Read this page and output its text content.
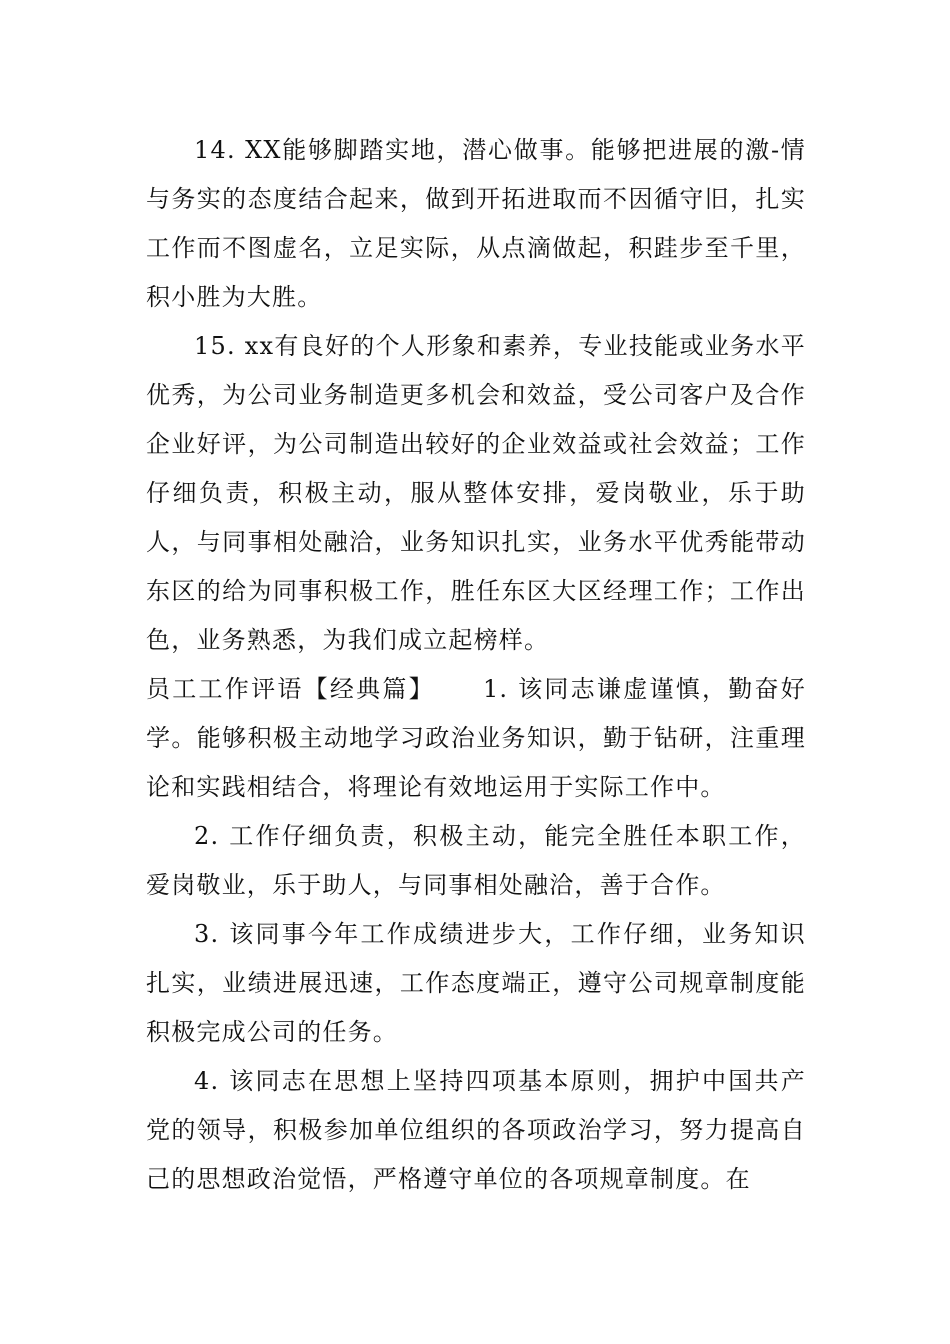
14. XX能够脚踏实地，潜心做事。能够把进展的激-情与务实的态度结合起来，做到开拓进取而不因循守旧，扎实工作而不图虚名，立足实际，从点滴做起，积跬步至千里，积小胜为大胜。

15. xx有良好的个人形象和素养，专业技能或业务水平优秀，为公司业务制造更多机会和效益，受公司客户及合作企业好评，为公司制造出较好的企业效益或社会效益；工作仔细负责，积极主动，服从整体安排，爱岗敬业，乐于助人，与同事相处融洽，业务知识扎实，业务水平优秀能带动东区的给为同事积极工作，胜任东区大区经理工作；工作出色，业务熟悉，为我们成立起榜样。

员工工作评语【经典篇】 1. 该同志谦虚谨慎，勤奋好学。能够积极主动地学习政治业务知识，勤于钻研，注重理论和实践相结合，将理论有效地运用于实际工作中。

2. 工作仔细负责，积极主动，能完全胜任本职工作，爱岗敬业，乐于助人，与同事相处融洽，善于合作。

3. 该同事今年工作成绩进步大，工作仔细，业务知识扎实，业绩进展迅速，工作态度端正，遵守公司规章制度能积极完成公司的任务。

4. 该同志在思想上坚持四项基本原则，拥护中国共产党的领导，积极参加单位组织的各项政治学习，努力提高自己的思想政治觉悟，严格遵守单位的各项规章制度。在
